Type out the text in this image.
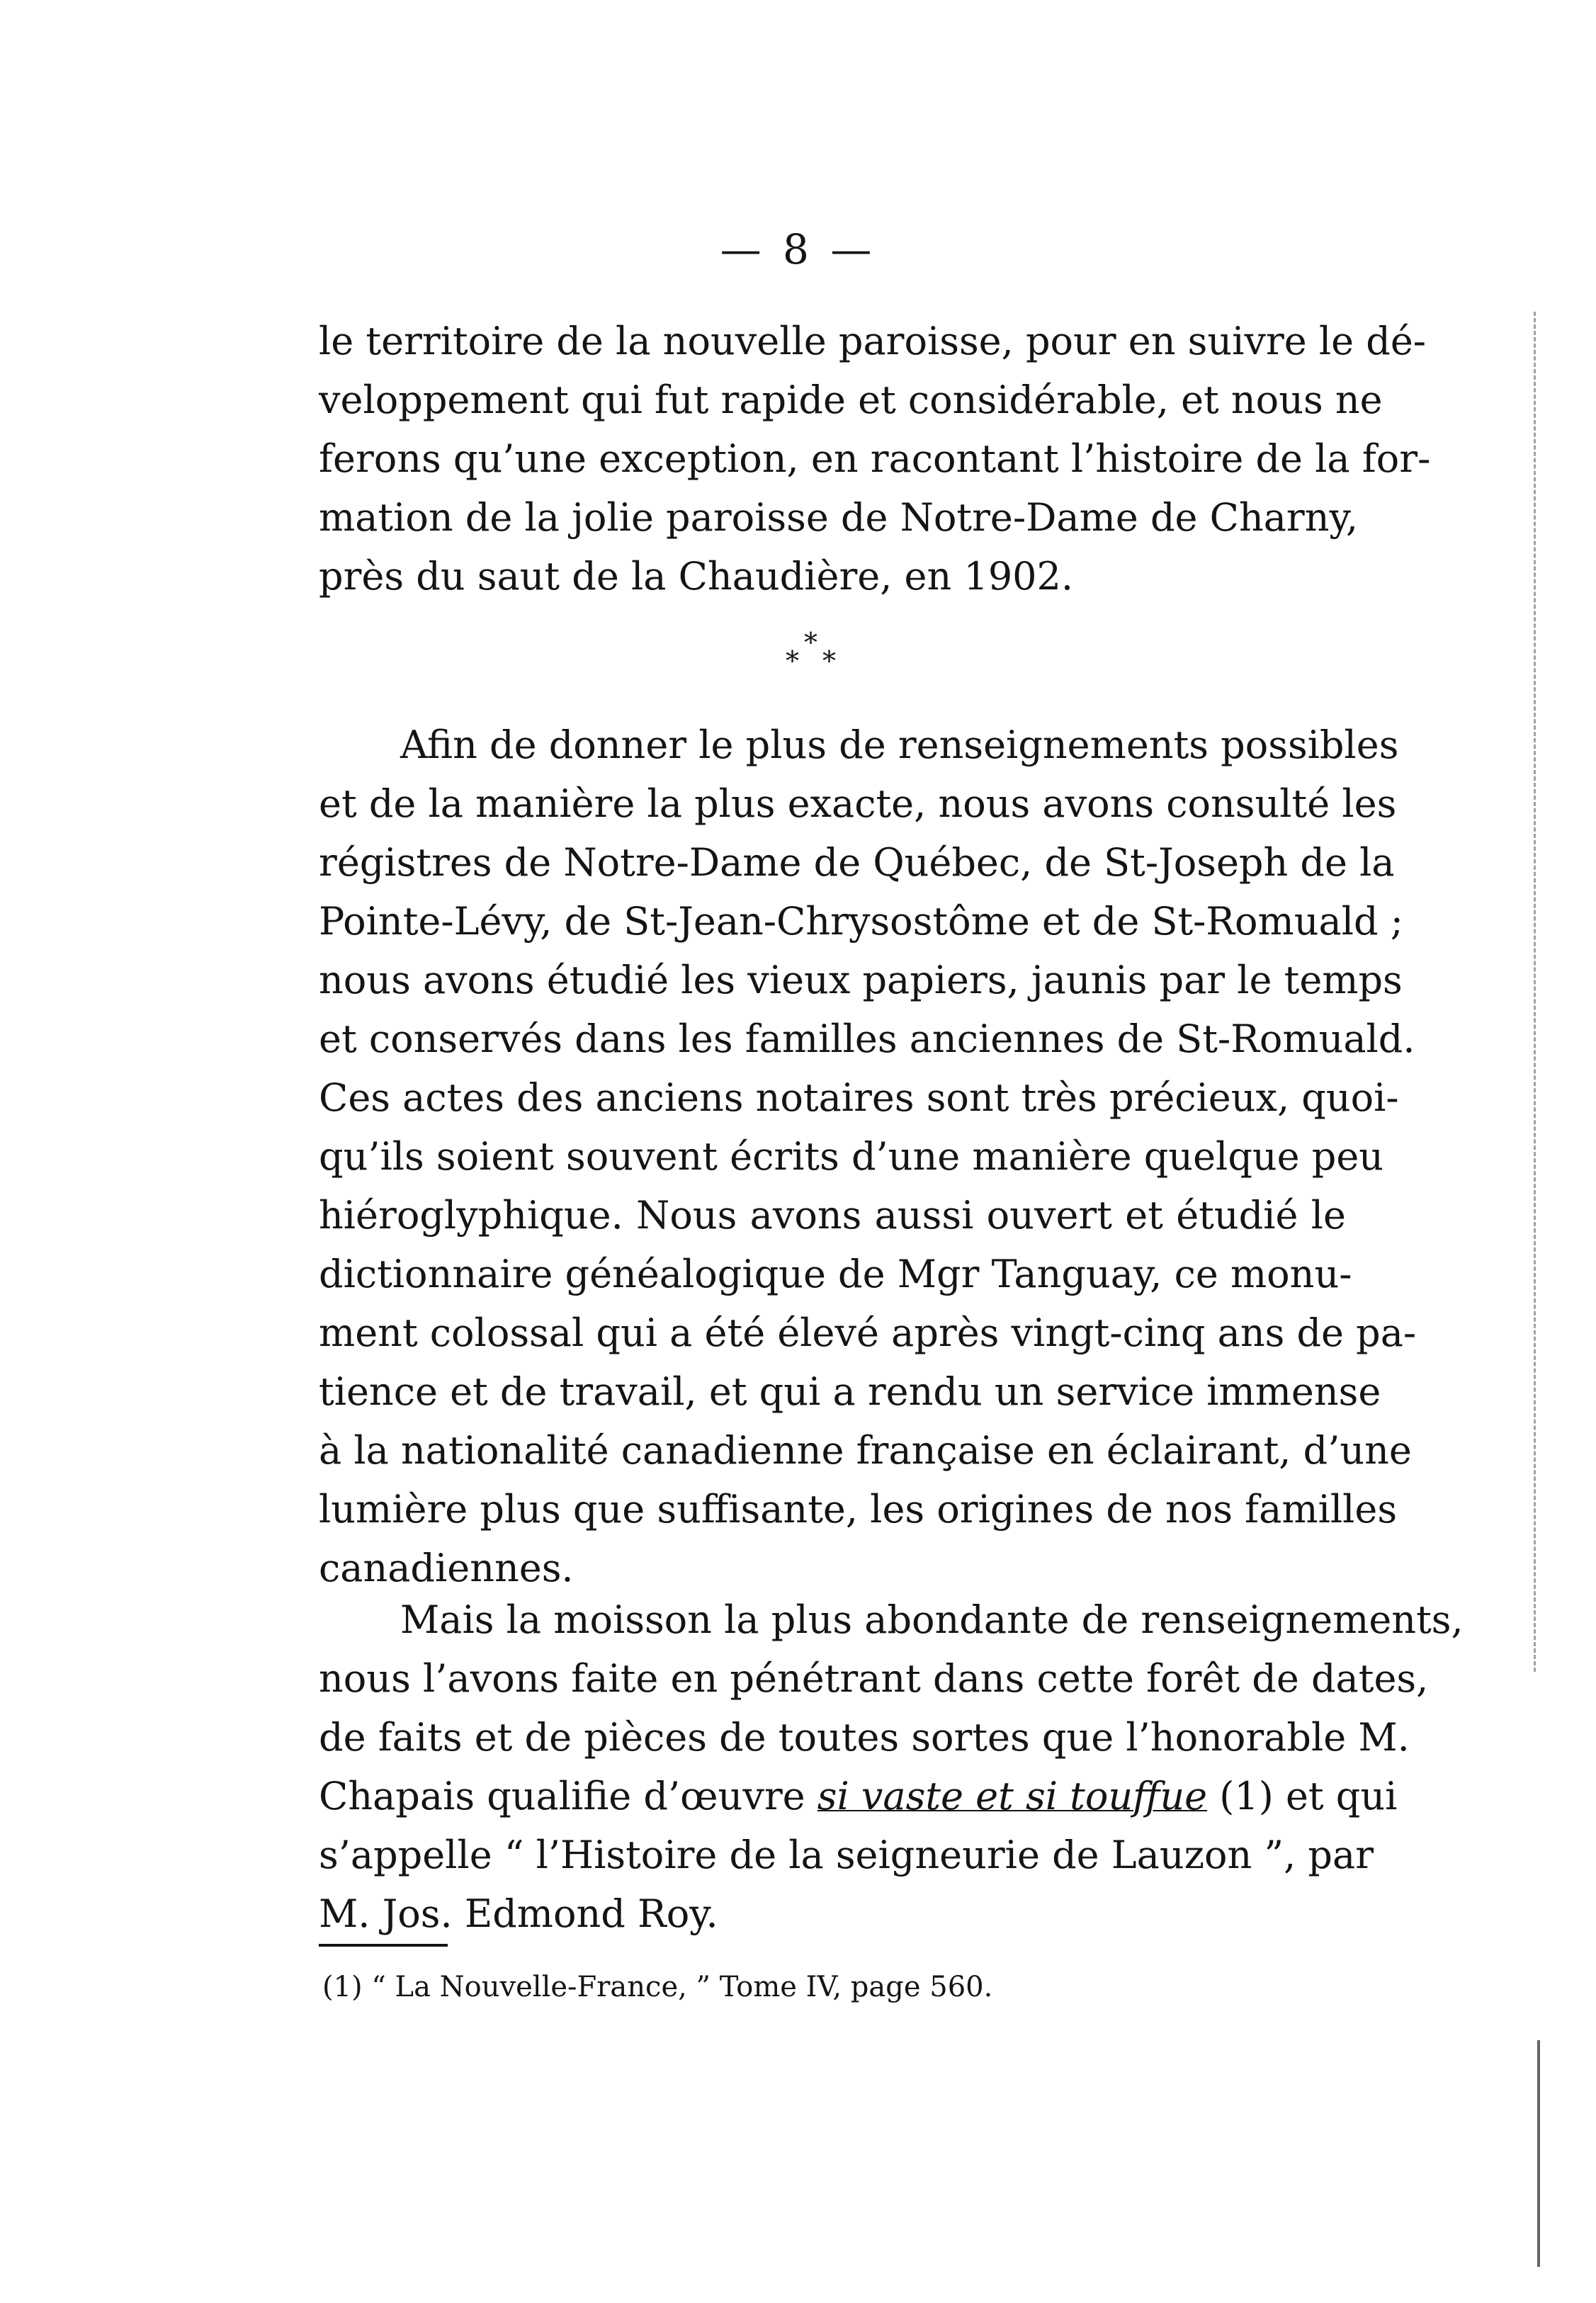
— 8 —
le territoire de la nouvelle paroisse, pour en suivre le dé-
veloppement qui fut rapide et considérable, et nous ne
ferons qu’une exception, en racontant l’histoire de la for-
mation de la jolie paroisse de Notre-Dame de Charny,
près du saut de la Chaudière, en 1902.
*
* *
Afin de donner le plus de renseignements possibles
et de la manière la plus exacte, nous avons consulté les
régistres de Notre-Dame de Québec, de St-Joseph de la
Pointe-Lévy, de St-Jean-Chrysostôme et de St-Romuald ;
nous avons étudié les vieux papiers, jaunis par le temps
et conservés dans les familles anciennes de St-Romuald.
Ces actes des anciens notaires sont très précieux, quoi-
qu’ils soient souvent écrits d’une manière quelque peu
hiéroglyphique. Nous avons aussi ouvert et étudié le
dictionnaire généalogique de Mgr Tanguay, ce monu-
ment colossal qui a été élevé après vingt-cinq ans de pa-
tience et de travail, et qui a rendu un service immense
à la nationalité canadienne française en éclairant, d’une
lumière plus que suffisante, les origines de nos familles
canadiennes.
Mais la moisson la plus abondante de renseignements,
nous l’avons faite en pénétrant dans cette forêt de dates,
de faits et de pièces de toutes sortes que l’honorable M.
Chapais qualifie d’œuvre si vaste et si touffue (1) et qui
s’appelle “ l’Histoire de la seigneurie de Lauzon ”, par
M. Jos. Edmond Roy.
(1) “ La Nouvelle-France, ” Tome IV, page 560.
